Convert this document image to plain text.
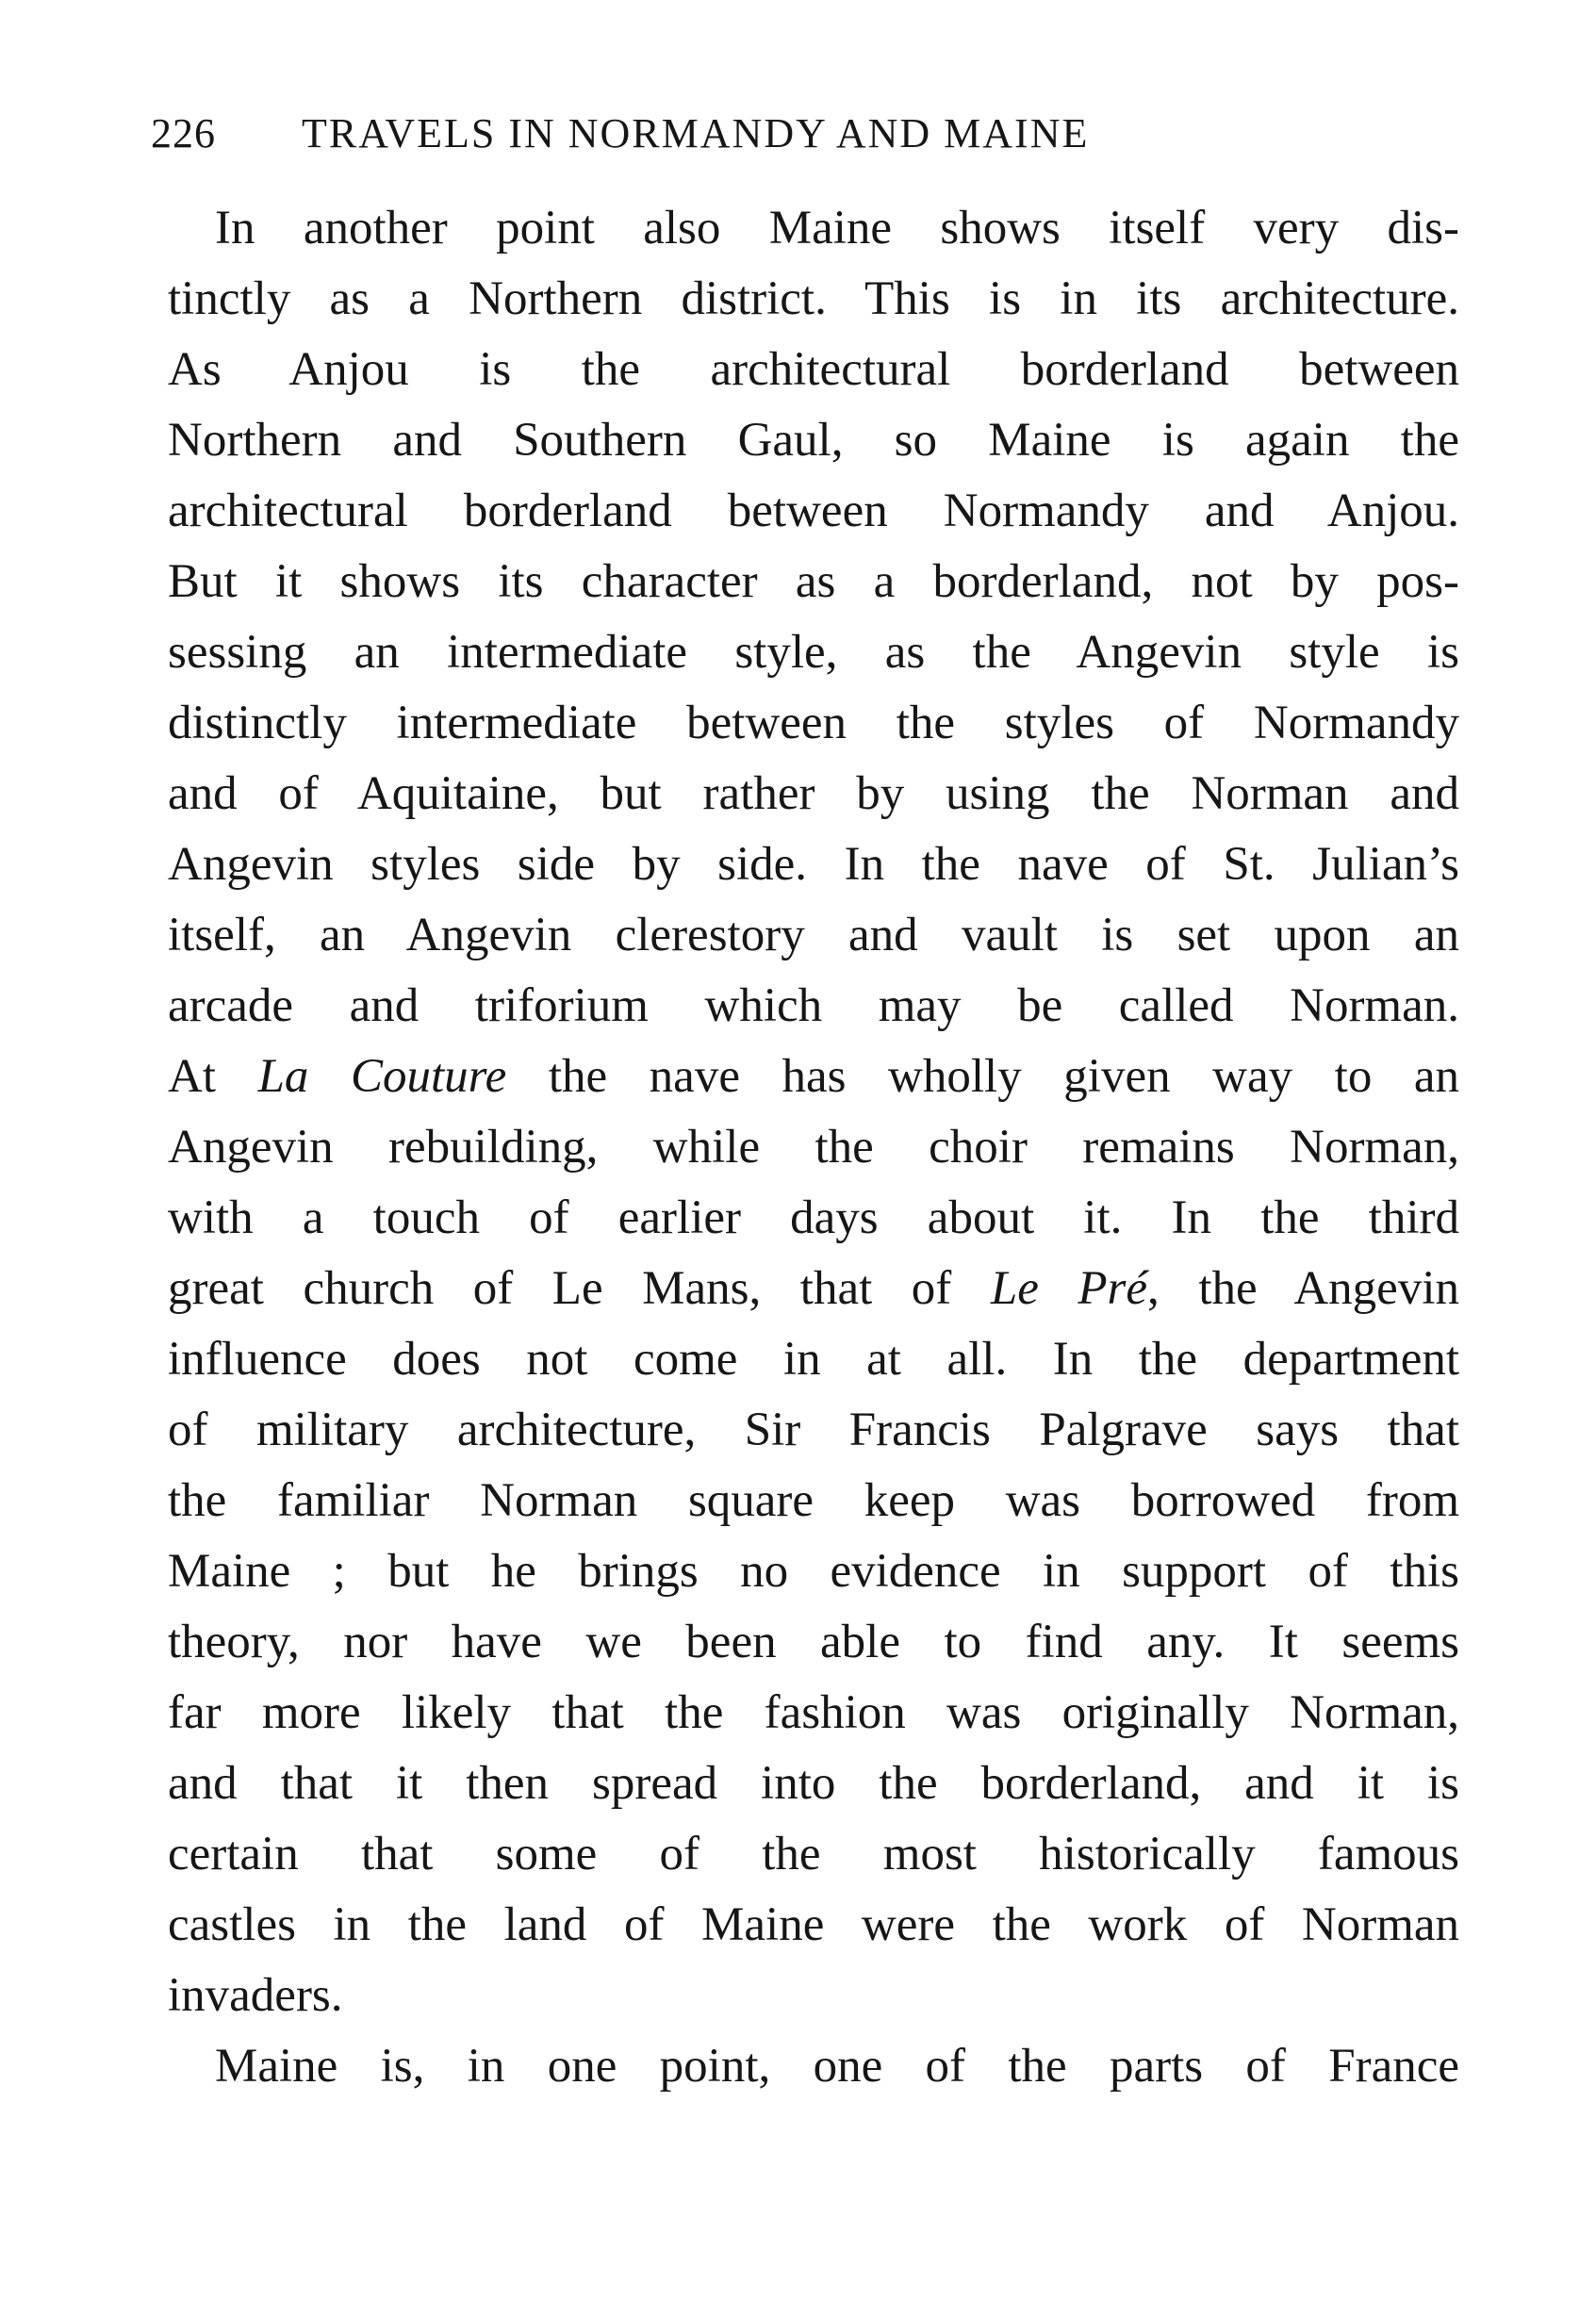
226 TRAVELS IN NORMANDY AND MAINE
In another point also Maine shows itself very dis-
tinctly as a Northern district. This is in its architecture.
As Anjou is the architectural borderland between
Northern and Southern Gaul, so Maine is again the
architectural borderland between Normandy and Anjou.
But it shows its character as a borderland, not by pos-
sessing an intermediate style, as the Angevin style is
distinctly intermediate between the styles of Normandy
and of Aquitaine, but rather by using the Norman and
Angevin styles side by side. In the nave of St. Julian’s
itself, an Angevin clerestory and vault is set upon an
arcade and triforium which may be called Norman.
At La Couture the nave has wholly given way to an
Angevin rebuilding, while the choir remains Norman,
with a touch of earlier days about it. In the third
great church of Le Mans, that of Le Pré, the Angevin
influence does not come in at all. In the department
of military architecture, Sir Francis Palgrave says that
the familiar Norman square keep was borrowed from
Maine ; but he brings no evidence in support of this
theory, nor have we been able to find any. It seems
far more likely that the fashion was originally Norman,
and that it then spread into the borderland, and it is
certain that some of the most historically famous
castles in the land of Maine were the work of Norman
invaders.
Maine is, in one point, one of the parts of France
